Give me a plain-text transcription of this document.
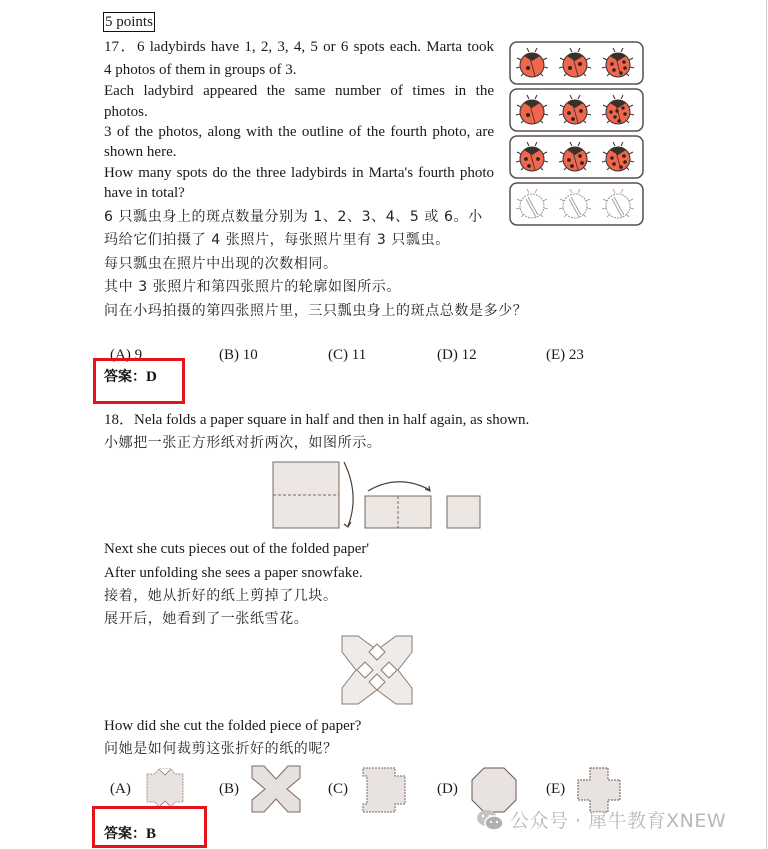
5 points
17．6 ladybirds have 1, 2, 3, 4, 5 or 6 spots each. Marta took
4 photos of them in groups of 3.
Each ladybird appeared the same number of times in the
photos.
3 of the photos, along with the outline of the fourth photo, are
shown here.
How many spots do the three ladybirds in Marta's fourth photo
have in total?
6 只瓢虫身上的斑点数量分别为 1、2、3、4、5 或 6。小
玛给它们拍摄了 4 张照片，每张照片里有 3 只瓢虫。
每只瓢虫在照片中出现的次数相同。
其中 3 张照片和第四张照片的轮廓如图所示。
问在小玛拍摄的第四张照片里，三只瓢虫身上的斑点总数是多少？
(A) 9	(B) 10	(C) 11	(D) 12	(E) 23
答案：D
18．Nela folds a paper square in half and then in half again, as shown.
小娜把一张正方形纸对折两次，如图所示。
Next she cuts pieces out of the folded paper'
After unfolding she sees a paper snowfake.
接着，她从折好的纸上剪掉了几块。
展开后，她看到了一张纸雪花。
How did she cut the folded piece of paper?
问她是如何裁剪这张折好的纸的呢？
(A)	(B)	(C)	(D)	(E)
答案：B
公众号 · 犀牛教育XNEW
